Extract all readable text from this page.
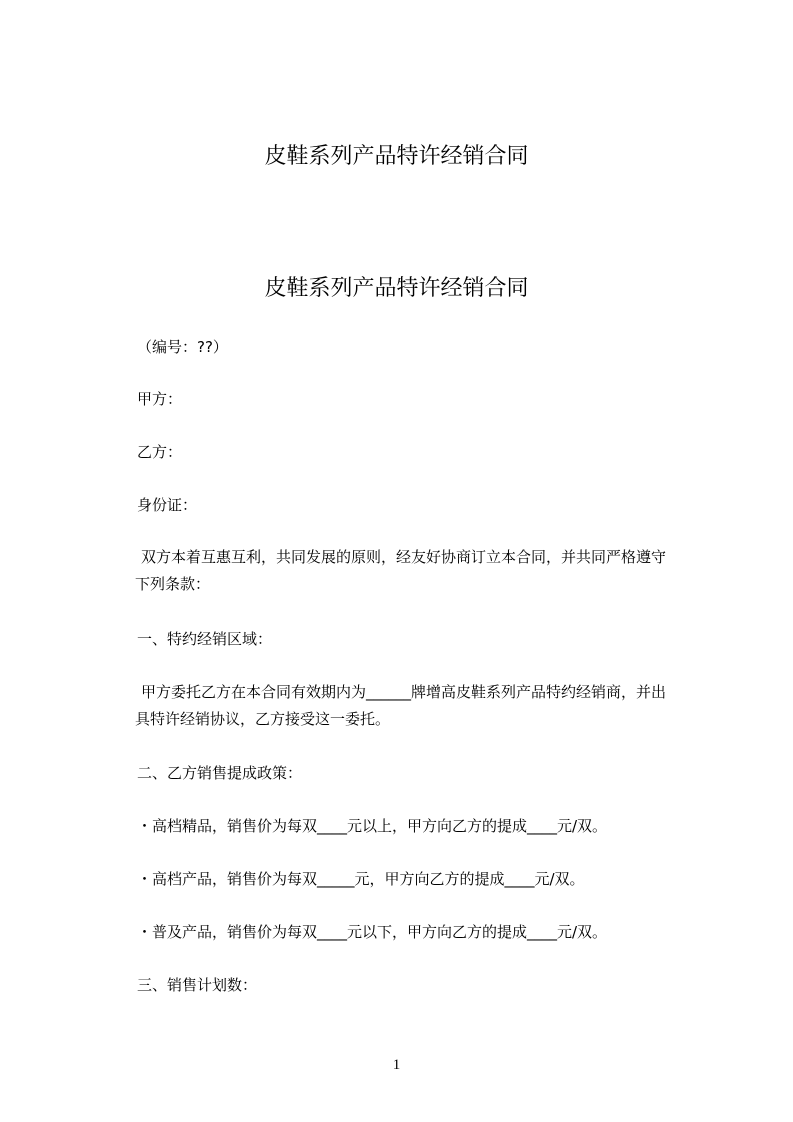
皮鞋系列产品特许经销合同
皮鞋系列产品特许经销合同
（编号：??）
甲方：
乙方：
身份证：
双方本着互惠互利，共同发展的原则，经友好协商订立本合同，并共同严格遵守
下列条款：
一、特约经销区域：
甲方委托乙方在本合同有效期内为______牌增高皮鞋系列产品特约经销商，并出
具特许经销协议，乙方接受这一委托。
二、乙方销售提成政策：
・高档精品，销售价为每双____元以上，甲方向乙方的提成____元/双。
・高档产品，销售价为每双_____元，甲方向乙方的提成____元/双。
・普及产品，销售价为每双____元以下，甲方向乙方的提成____元/双。
三、销售计划数：
1
